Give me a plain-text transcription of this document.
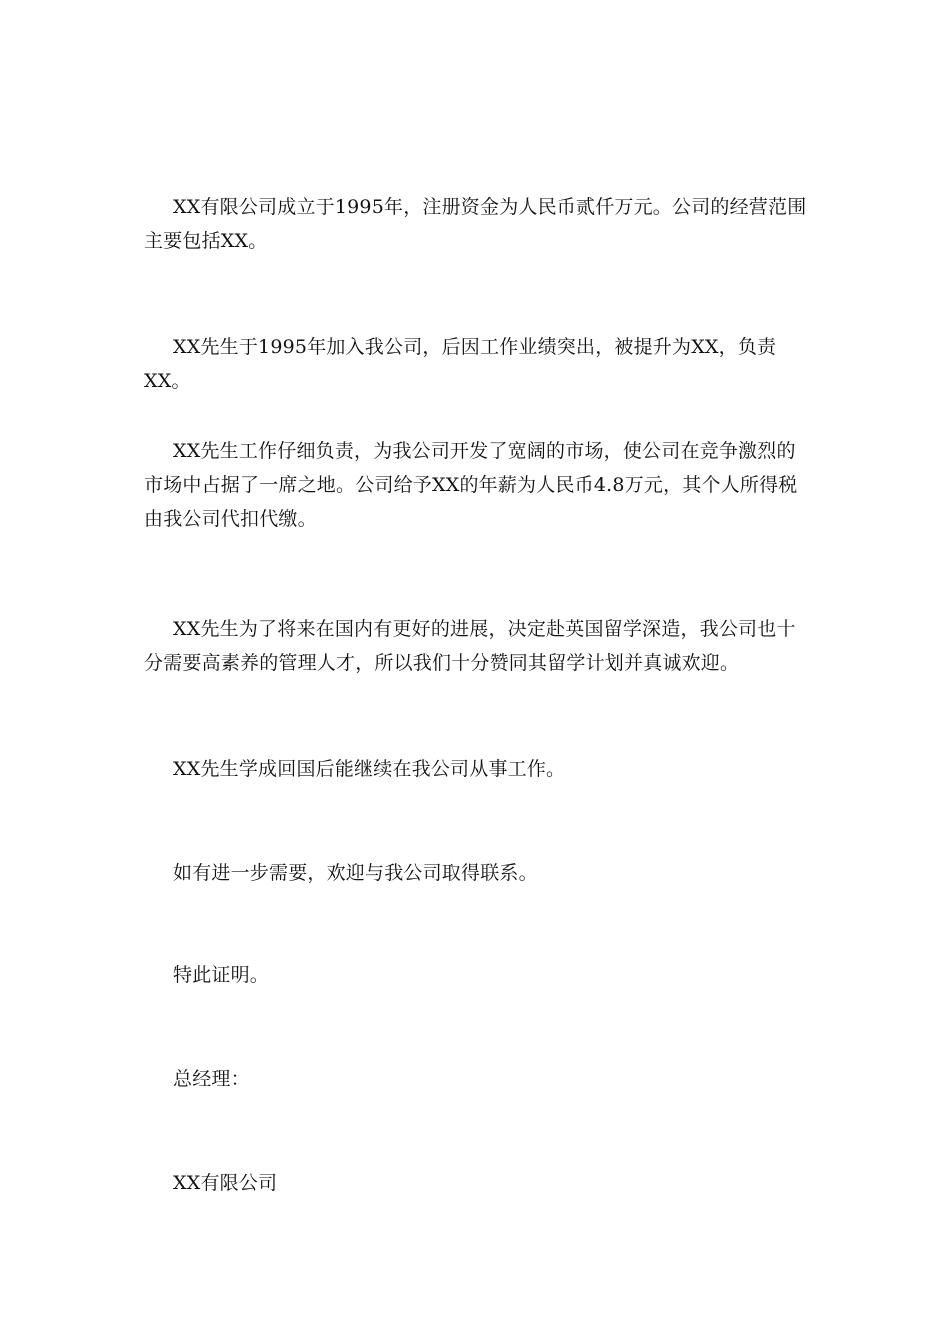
XX有限公司成立于1995年，注册资金为人民币贰仟万元。公司的经营范围主要包括XX。

XX先生于1995年加入我公司，后因工作业绩突出，被提升为XX，负责XX。

XX先生工作仔细负责，为我公司开发了宽阔的市场，使公司在竞争激烈的市场中占据了一席之地。公司给予XX的年薪为人民币4.8万元，其个人所得税由我公司代扣代缴。

XX先生为了将来在国内有更好的进展，决定赴英国留学深造，我公司也十分需要高素养的管理人才，所以我们十分赞同其留学计划并真诚欢迎。

XX先生学成回国后能继续在我公司从事工作。

如有进一步需要，欢迎与我公司取得联系。

特此证明。

总经理：

XX有限公司
